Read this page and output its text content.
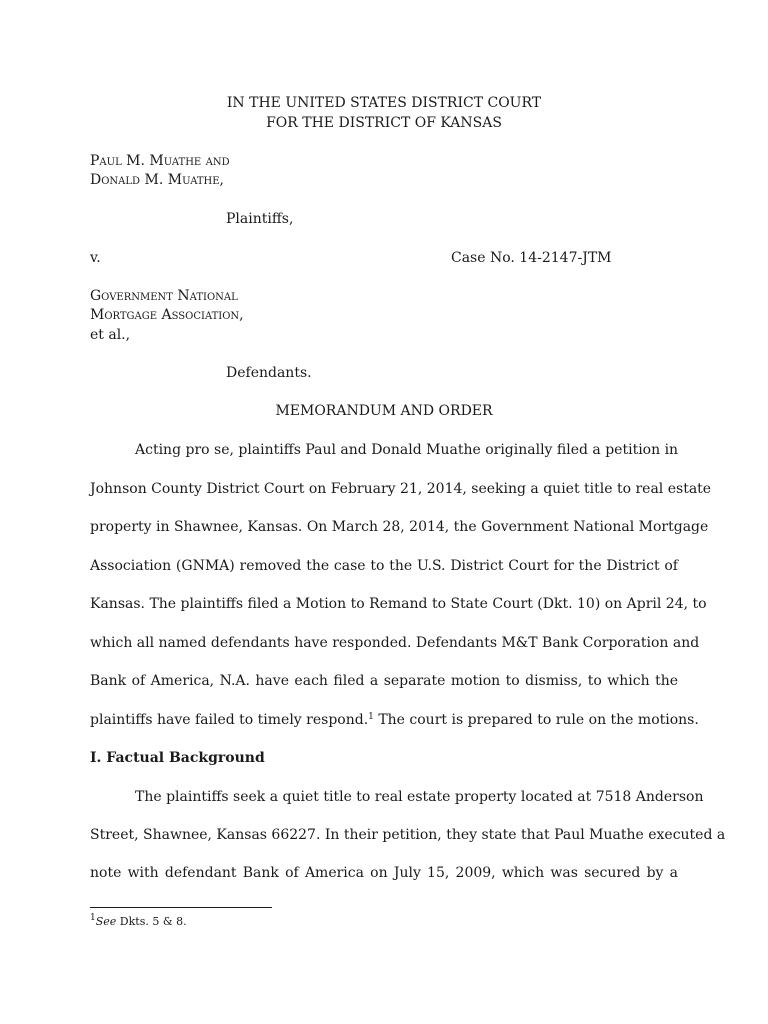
IN THE UNITED STATES DISTRICT COURT
FOR THE DISTRICT OF KANSAS
Paul M. Muathe and
Donald M. Muathe,
Plaintiffs,
v.	Case No. 14-2147-JTM
Government National
Mortgage Association,
et al.,
Defendants.
MEMORANDUM AND ORDER
Acting pro se, plaintiffs Paul and Donald Muathe originally filed a petition in
Johnson County District Court on February 21, 2014, seeking a quiet title to real estate
property in Shawnee, Kansas. On March 28, 2014, the Government National Mortgage
Association (GNMA) removed the case to the U.S. District Court for the District of
Kansas. The plaintiffs filed a Motion to Remand to State Court (Dkt. 10) on April 24, to
which all named defendants have responded. Defendants M&T Bank Corporation and
Bank of America, N.A. have each filed a separate motion to dismiss, to which the
plaintiffs have failed to timely respond.$^1$ The court is prepared to rule on the motions.
I. Factual Background
The plaintiffs seek a quiet title to real estate property located at 7518 Anderson
Street, Shawnee, Kansas 66227. In their petition, they state that Paul Muathe executed a
note with defendant Bank of America on July 15, 2009, which was secured by a
$^1$See Dkts. 5 & 8.
